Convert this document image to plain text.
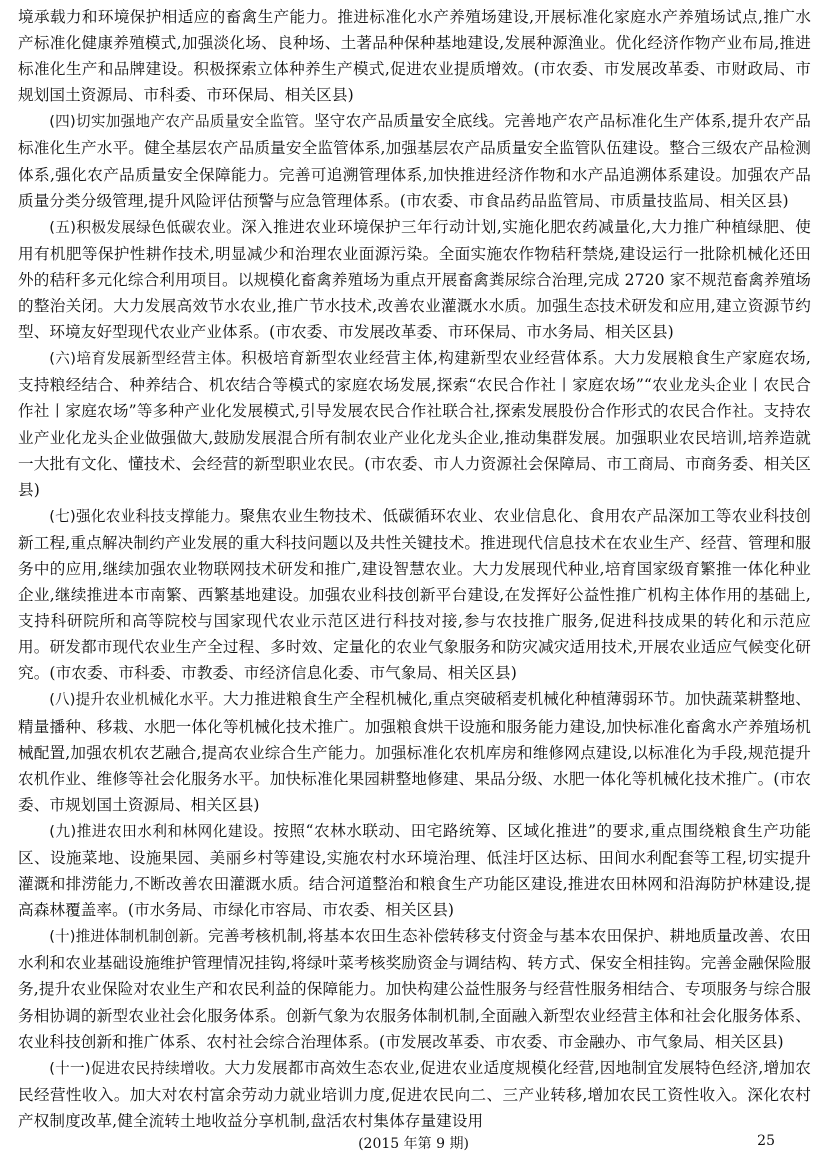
境承载力和环境保护相适应的畜禽生产能力。推进标准化水产养殖场建设,开展标准化家庭水产养殖场试点,推广水产标准化健康养殖模式,加强淡化场、良种场、土著品种保种基地建设,发展种源渔业。优化经济作物产业布局,推进标准化生产和品牌建设。积极探索立体种养生产模式,促进农业提质增效。(市农委、市发展改革委、市财政局、市规划国土资源局、市科委、市环保局、相关区县)

(四)切实加强地产农产品质量安全监管。坚守农产品质量安全底线。完善地产农产品标准化生产体系,提升农产品标准化生产水平。健全基层农产品质量安全监管体系,加强基层农产品质量安全监管队伍建设。整合三级农产品检测体系,强化农产品质量安全保障能力。完善可追溯管理体系,加快推进经济作物和水产品追溯体系建设。加强农产品质量分类分级管理,提升风险评估预警与应急管理体系。(市农委、市食品药品监管局、市质量技监局、相关区县)

(五)积极发展绿色低碳农业。深入推进农业环境保护三年行动计划,实施化肥农药减量化,大力推广种植绿肥、使用有机肥等保护性耕作技术,明显减少和治理农业面源污染。全面实施农作物秸秆禁烧,建设运行一批除机械化还田外的秸秆多元化综合利用项目。以规模化畜禽养殖场为重点开展畜禽粪尿综合治理,完成 2720 家不规范畜禽养殖场的整治关闭。大力发展高效节水农业,推广节水技术,改善农业灌溉水水质。加强生态技术研发和应用,建立资源节约型、环境友好型现代农业产业体系。(市农委、市发展改革委、市环保局、市水务局、相关区县)

(六)培育发展新型经营主体。积极培育新型农业经营主体,构建新型农业经营体系。大力发展粮食生产家庭农场,支持粮经结合、种养结合、机农结合等模式的家庭农场发展,探索“农民合作社丨家庭农场”“农业龙头企业丨农民合作社丨家庭农场”等多种产业化发展模式,引导发展农民合作社联合社,探索发展股份合作形式的农民合作社。支持农业产业化龙头企业做强做大,鼓励发展混合所有制农业产业化龙头企业,推动集群发展。加强职业农民培训,培养造就一大批有文化、懂技术、会经营的新型职业农民。(市农委、市人力资源社会保障局、市工商局、市商务委、相关区县)

(七)强化农业科技支撑能力。聚焦农业生物技术、低碳循环农业、农业信息化、食用农产品深加工等农业科技创新工程,重点解决制约产业发展的重大科技问题以及共性关键技术。推进现代信息技术在农业生产、经营、管理和服务中的应用,继续加强农业物联网技术研发和推广,建设智慧农业。大力发展现代种业,培育国家级育繁推一体化种业企业,继续推进本市南繁、西繁基地建设。加强农业科技创新平台建设,在发挥好公益性推广机构主体作用的基础上,支持科研院所和高等院校与国家现代农业示范区进行科技对接,参与农技推广服务,促进科技成果的转化和示范应用。研发都市现代农业生产全过程、多时效、定量化的农业气象服务和防灾减灾适用技术,开展农业适应气候变化研究。(市农委、市科委、市教委、市经济信息化委、市气象局、相关区县)

(八)提升农业机械化水平。大力推进粮食生产全程机械化,重点突破稻麦机械化种植薄弱环节。加快蔬菜耕整地、精量播种、移栽、水肥一体化等机械化技术推广。加强粮食烘干设施和服务能力建设,加快标准化畜禽水产养殖场机械配置,加强农机农艺融合,提高农业综合生产能力。加强标准化农机库房和维修网点建设,以标准化为手段,规范提升农机作业、维修等社会化服务水平。加快标准化果园耕整地修建、果品分级、水肥一体化等机械化技术推广。(市农委、市规划国土资源局、相关区县)

(九)推进农田水利和林网化建设。按照“农林水联动、田宅路统筹、区域化推进”的要求,重点围绕粮食生产功能区、设施菜地、设施果园、美丽乡村等建设,实施农村水环境治理、低洼圩区达标、田间水利配套等工程,切实提升灌溉和排涝能力,不断改善农田灌溉水质。结合河道整治和粮食生产功能区建设,推进农田林网和沿海防护林建设,提高森林覆盖率。(市水务局、市绿化市容局、市农委、相关区县)

(十)推进体制机制创新。完善考核机制,将基本农田生态补偿转移支付资金与基本农田保护、耕地质量改善、农田水利和农业基础设施维护管理情况挂钩,将绿叶菜考核奖励资金与调结构、转方式、保安全相挂钩。完善金融保险服务,提升农业保险对农业生产和农民利益的保障能力。加快构建公益性服务与经营性服务相结合、专项服务与综合服务相协调的新型农业社会化服务体系。创新气象为农服务体制机制,全面融入新型农业经营主体和社会化服务体系、农业科技创新和推广体系、农村社会综合治理体系。(市发展改革委、市农委、市金融办、市气象局、相关区县)

(十一)促进农民持续增收。大力发展都市高效生态农业,促进农业适度规模化经营,因地制宜发展特色经济,增加农民经营性收入。加大对农村富余劳动力就业培训力度,促进农民向二、三产业转移,增加农民工资性收入。深化农村产权制度改革,健全流转土地收益分享机制,盘活农村集体存量建设用

(2015 年第 9 期)	25
